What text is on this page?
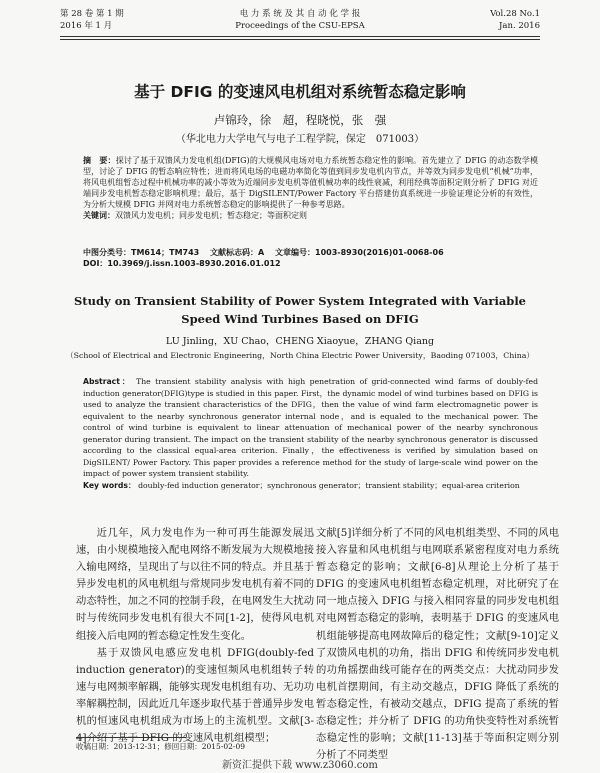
第 28 卷 第 1 期
2016 年 1 月
电 力 系 统 及 其 自 动 化 学 报
Proceedings of the CSU-EPSA
Vol.28 No.1
Jan. 2016
基于 DFIG 的变速风电机组对系统暂态稳定影响
卢锦玲，徐　超，程晓悦，张　强
（华北电力大学电气与电子工程学院，保定　071003）

摘　要：探讨了基于双馈风力发电机组(DFIG)的大规模风电场对电力系统暂态稳定性的影响。首先建立了 DFIG 的动态数学模型，讨论了 DFIG 的暂态响应特性；进而将风电场的电磁功率简化等值到同步发电机内节点，并等效为同步发电机“机械”功率，将风电机组暂态过程中机械功率的减小等效为近端同步发电机等值机械功率的线性衰减，利用经典等面积定则分析了 DFIG 对近端同步发电机暂态稳定影响机理；最后，基于 DigSILENT/Power Factory 平台搭建仿真系统进一步验证理论分析的有效性，为分析大规模 DFIG 并网对电力系统暂态稳定的影响提供了一种参考思路。

关键词：双馈风力发电机；同步发电机；暂态稳定；等面积定则

中图分类号：TM614；TM743 文献标志码：A 文章编号：1003-8930(2016)01-0068-06
DOI：10.3969/j.issn.1003-8930.2016.01.012
Study on Transient Stability of Power System Integrated with Variable
Speed Wind Turbines Based on DFIG
LU Jinling，XU Chao，CHENG Xiaoyue，ZHANG Qiang
（School of Electrical and Electronic Engineering，North China Electric Power University，Baoding 071003，China）

Abstract： The transient stability analysis with high penetration of grid-connected wind farms of doubly-fed induction generator(DFIG)type is studied in this paper. First，the dynamic model of wind turbines based on DFIG is used to analyze the transient characteristics of the DFIG，then the value of wind farm electromagnetic power is equivalent to the nearby synchronous generator internal node，and is equaled to the mechanical power. The control of wind turbine is equivalent to linear attenuation of mechanical power of the nearby synchronous generator during transient. The impact on the transient stability of the nearby synchronous generator is discussed according to the classical equal-area criterion. Finally，the effectiveness is verified by simulation based on DigSILENT/ Power Factory. This paper provides a reference method for the study of large-scale wind power on the impact of power system transient stability.

Key words： doubly-fed induction generator；synchronous generator；transient stability；equal-area criterion

近几年，风力发电作为一种可再生能源发展迅速，由小规模地接入配电网络不断发展为大规模地接入输电网络，呈现出了与以往不同的特点。并且基于异步发电机的风电机组与常规同步发电机有着不同的动态特性，加之不同的控制手段，在电网发生大扰动时与传统同步发电机有很大不同[1-2]，使得风电机组接入后电网的暂态稳定性发生变化。

基于双馈风电感应发电机 DFIG(doubly-fed induction generator)的变速恒频风电机组转子转速与电网频率解耦，能够实现发电机组有功、无功功率解耦控制，因此近几年逐步取代基于普通异步发电机的恒速风电机组成为市场上的主流机型。文献[3-4]介绍了基于 DFIG 的变速风电机组模型；

文献[5]详细分析了不同的风电机组类型、不同的风电接入容量和风电机组与电网联系紧密程度对电力系统暂态稳定的影响；文献[6-8]从理论上分析了基于 DFIG 的变速风电机组暂态稳定机理，对比研究了在同一地点接入 DFIG 与接入相同容量的同步发电机组对电网暂态稳定的影响，表明基于 DFIG 的变速风电机组能够提高电网故障后的稳定性；文献[9-10]定义了双馈风电机的功角，指出 DFIG 和传统同步发电机的功角摇摆曲线可能存在的两类交点：大扰动同步发电机首摆期间，有主动交越点，DFIG 降低了系统的暂态稳定性，有被动交越点，DFIG 提高了系统的暂态稳定性；并分析了 DFIG 的功角快变特性对系统暂态稳定性的影响；文献[11-13]基于等面积定则分别分析了不同类型

收稿日期：2013-12-31；修回日期：2015-02-09
新资汇提供下载 www.z3060.com
